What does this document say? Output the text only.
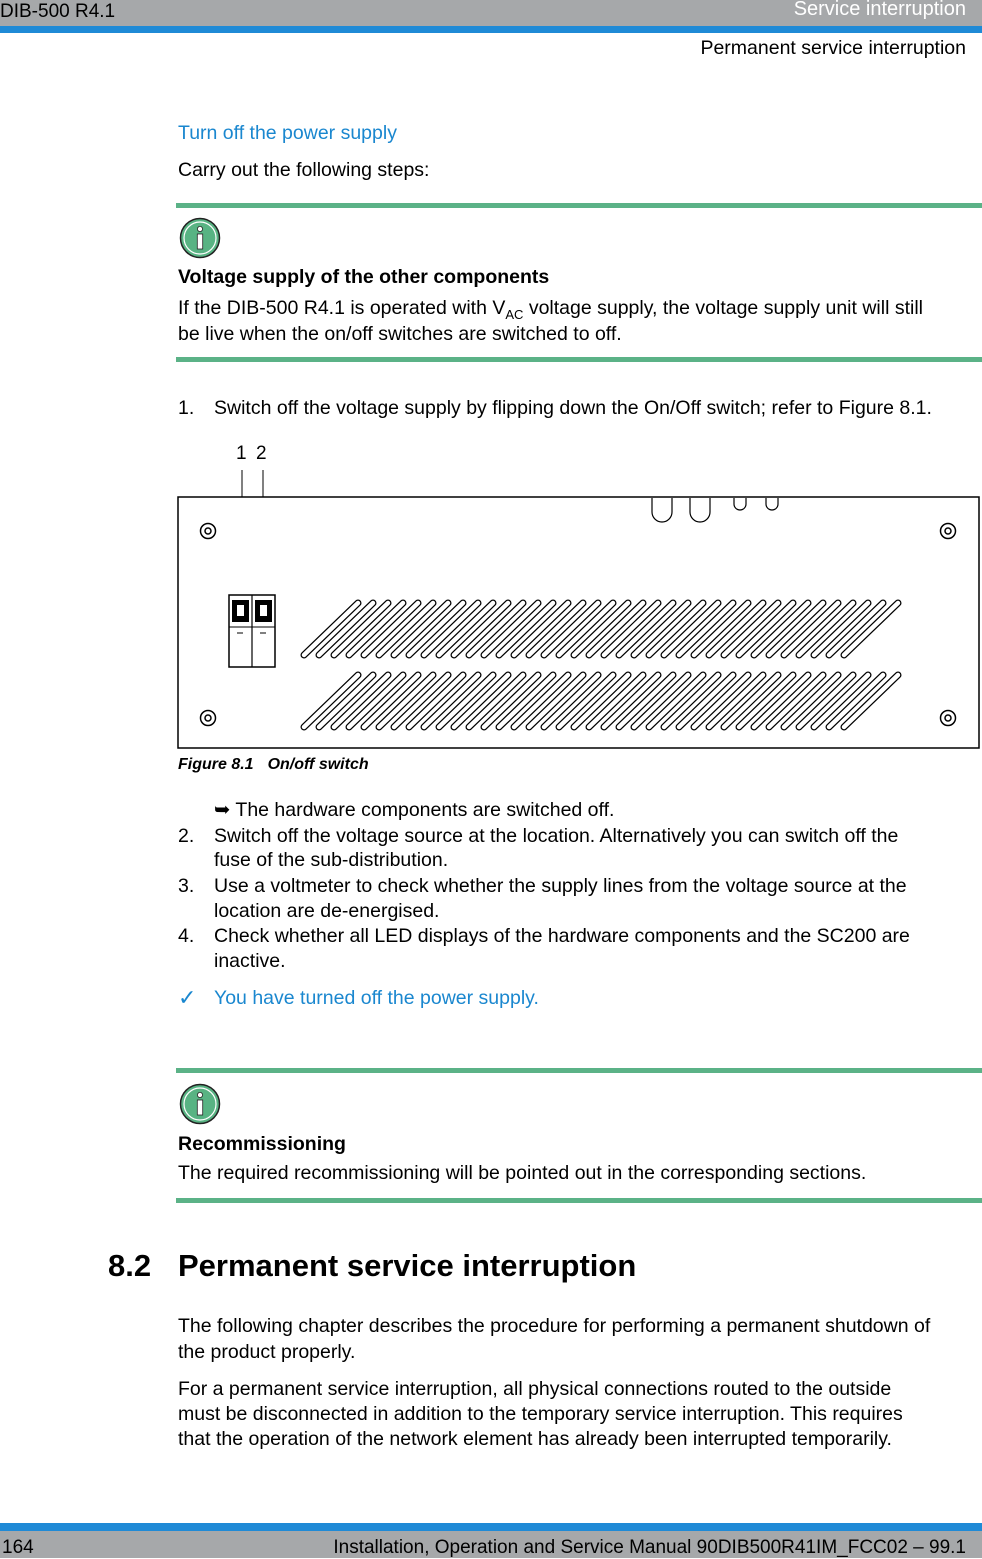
DIB-500 R4.1	Service interruption
Permanent service interruption
Turn off the power supply
Carry out the following steps:
Voltage supply of the other components
If the DIB-500 R4.1 is operated with $V_{AC}$ voltage supply, the voltage supply unit will still
be live when the on/off switches are switched to off.
1. Switch off the voltage supply by flipping down the On/Off switch; refer to Figure 8.1.
1 2
Figure 8.1 On/off switch
➥ The hardware components are switched off.
2. Switch off the voltage source at the location. Alternatively you can switch off the
fuse of the sub-distribution.
3. Use a voltmeter to check whether the supply lines from the voltage source at the
location are de-energised.
4. Check whether all LED displays of the hardware components and the SC200 are
inactive.
✓ You have turned off the power supply.
Recommissioning
The required recommissioning will be pointed out in the corresponding sections.
8.2 Permanent service interruption
The following chapter describes the procedure for performing a permanent shutdown of
the product properly.
For a permanent service interruption, all physical connections routed to the outside
must be disconnected in addition to the temporary service interruption. This requires
that the operation of the network element has already been interrupted temporarily.
164	Installation, Operation and Service Manual 90DIB500R41IM_FCC02 – 99.1
